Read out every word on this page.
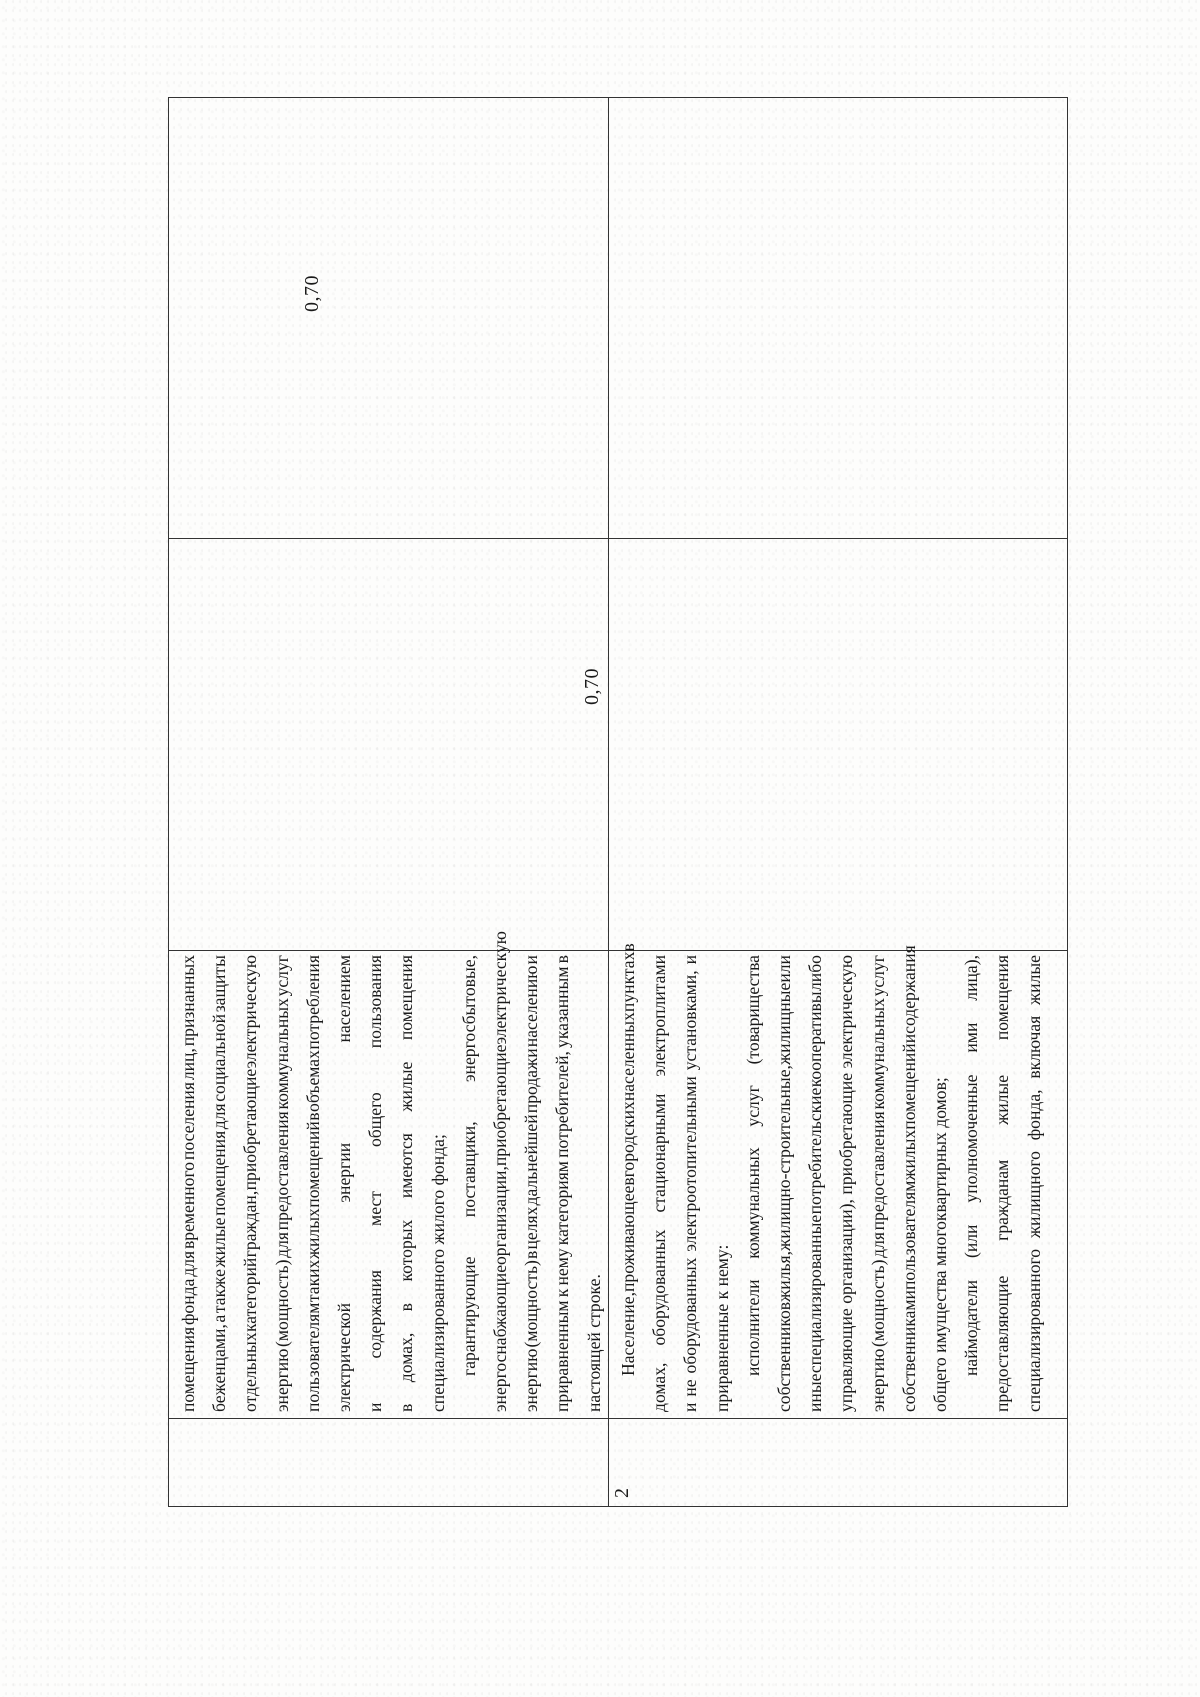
помещения
фонда
для
временного
поселения
лиц,
признанных
беженцами,
а
также
жилые
помещения
для
социальной
защиты
отдельных
категорий
граждан,
приобретающие
электрическую
энергию
(мощность)
для
предоставления
коммунальных
услуг
пользователям
таких
жилых
помещений
в
объемах
потребления
электрической
энергии
населением
и
содержания
мест
общего
пользования
в
домах,
в
которых
имеются
жилые
помещения
специализированного жилого фонда; гарантирующие
поставщики,
энергосбытовые,
энергоснабжающие
организации,
приобретающие
электрическую
энергию
(мощность)
в
целях
дальнейшей
продажи
населению
и
приравненным
к
нему
категориям
потребителей,
указанным
в
настоящей строке.
0,70
0,70
2
Население,
проживающее
в
городских
населенных
пунктах
в
домах,
оборудованных
стационарными
электроплитами
и
не
оборудованных
электроотопительными
установками,
и
приравненные к нему: исполнители
коммунальных
услуг
(товарищества
собственников
жилья,
жилищно-строительные,
жилищные
или
иные
специализированные
потребительские
кооперативы
либо
управляющие
организации),
приобретающие
электрическую
энергию
(мощность)
для
предоставления
коммунальных
услуг
собственникам
и
пользователям
жилых
помещений
и
содержания
общего имущества многоквартирных домов; наймодатели
(или
уполномоченные
ими
лица),
предоставляющие
гражданам
жилые
помещения
специализированного
жилищного
фонда,
включая
жилые
